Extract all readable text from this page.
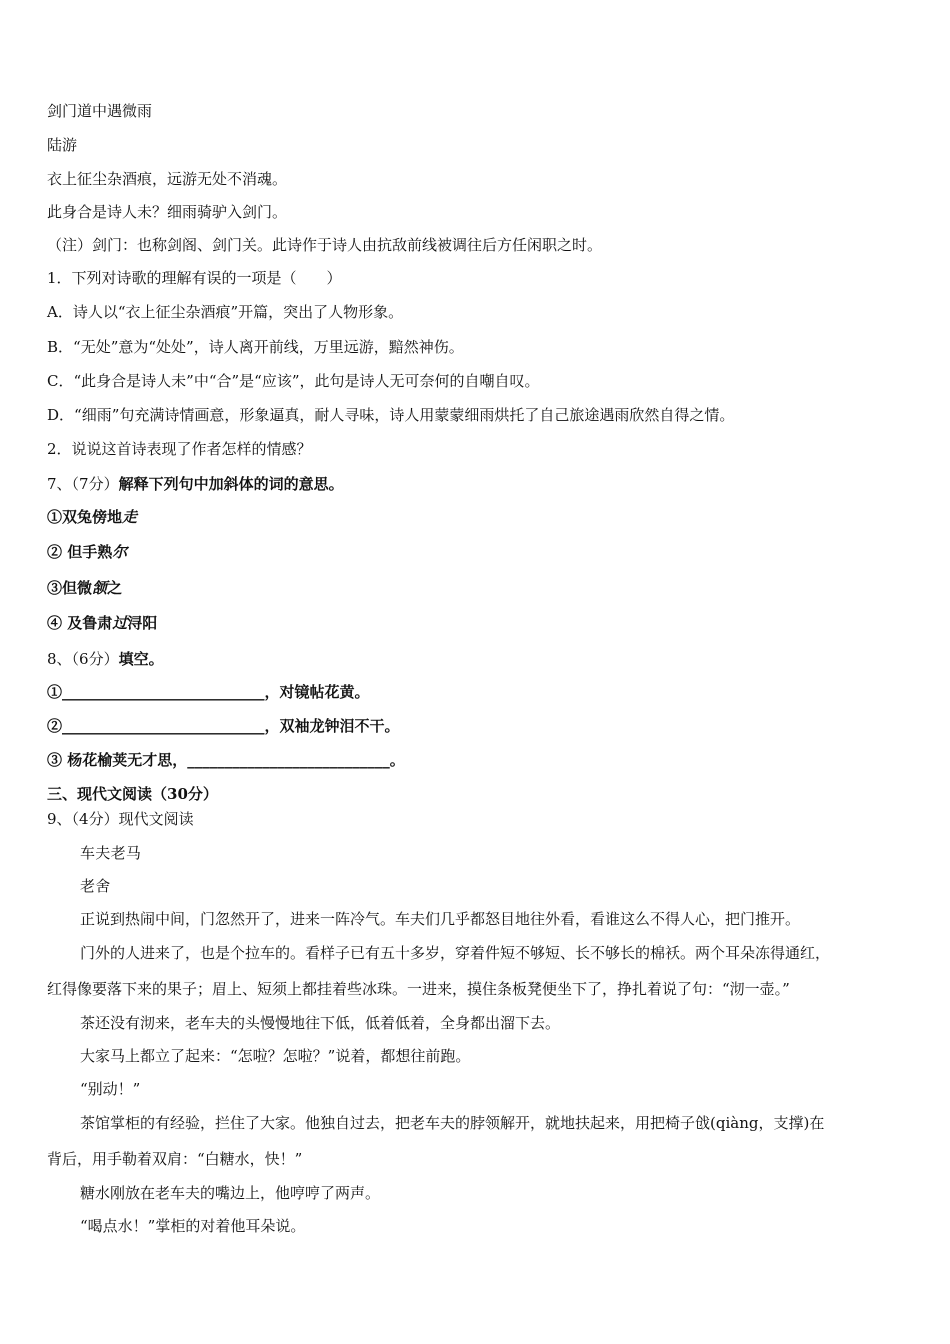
剑门道中遇微雨
陆游
衣上征尘杂酒痕，远游无处不消魂。
此身合是诗人未？细雨骑驴入剑门。
（注）剑门：也称剑阁、剑门关。此诗作于诗人由抗敌前线被调往后方任闲职之时。
1．下列对诗歌的理解有误的一项是（　　）
A．诗人以“衣上征尘杂酒痕”开篇，突出了人物形象。
B．“无处”意为“处处”，诗人离开前线，万里远游，黯然神伤。
C．“此身合是诗人未”中“合”是“应该”，此句是诗人无可奈何的自嘲自叹。
D．“细雨”句充满诗情画意，形象逼真，耐人寻味，诗人用蒙蒙细雨烘托了自己旅途遇雨欣然自得之情。
2．说说这首诗表现了作者怎样的情感？
7、（7分）解释下列句中加斜体的词的意思。
①双兔傍地走
② 但手熟尔
③但微颔之
④ 及鲁肃过浔阳
8、（6分）填空。
①___________________________，对镜帖花黄。
②___________________________，双袖龙钟泪不干。
③ 杨花榆荚无才思，___________________________。
三、现代文阅读（30分）
9、（4分）现代文阅读
车夫老马
老舍
正说到热闹中间，门忽然开了，进来一阵冷气。车夫们几乎都怒目地往外看，看谁这么不得人心，把门推开。
门外的人进来了，也是个拉车的。看样子已有五十多岁，穿着件短不够短、长不够长的棉袄。两个耳朵冻得通红，
红得像要落下来的果子；眉上、短须上都挂着些冰珠。一进来，摸住条板凳便坐下了，挣扎着说了句：“沏一壶。”
茶还没有沏来，老车夫的头慢慢地往下低，低着低着，全身都出溜下去。
大家马上都立了起来：“怎啦？怎啦？”说着，都想往前跑。
“别动！”
茶馆掌柜的有经验，拦住了大家。他独自过去，把老车夫的脖领解开，就地扶起来，用把椅子戗(qiàng，支撑)在
背后，用手勒着双肩：“白糖水，快！”
糖水刚放在老车夫的嘴边上，他哼哼了两声。
“喝点水！”掌柜的对着他耳朵说。
